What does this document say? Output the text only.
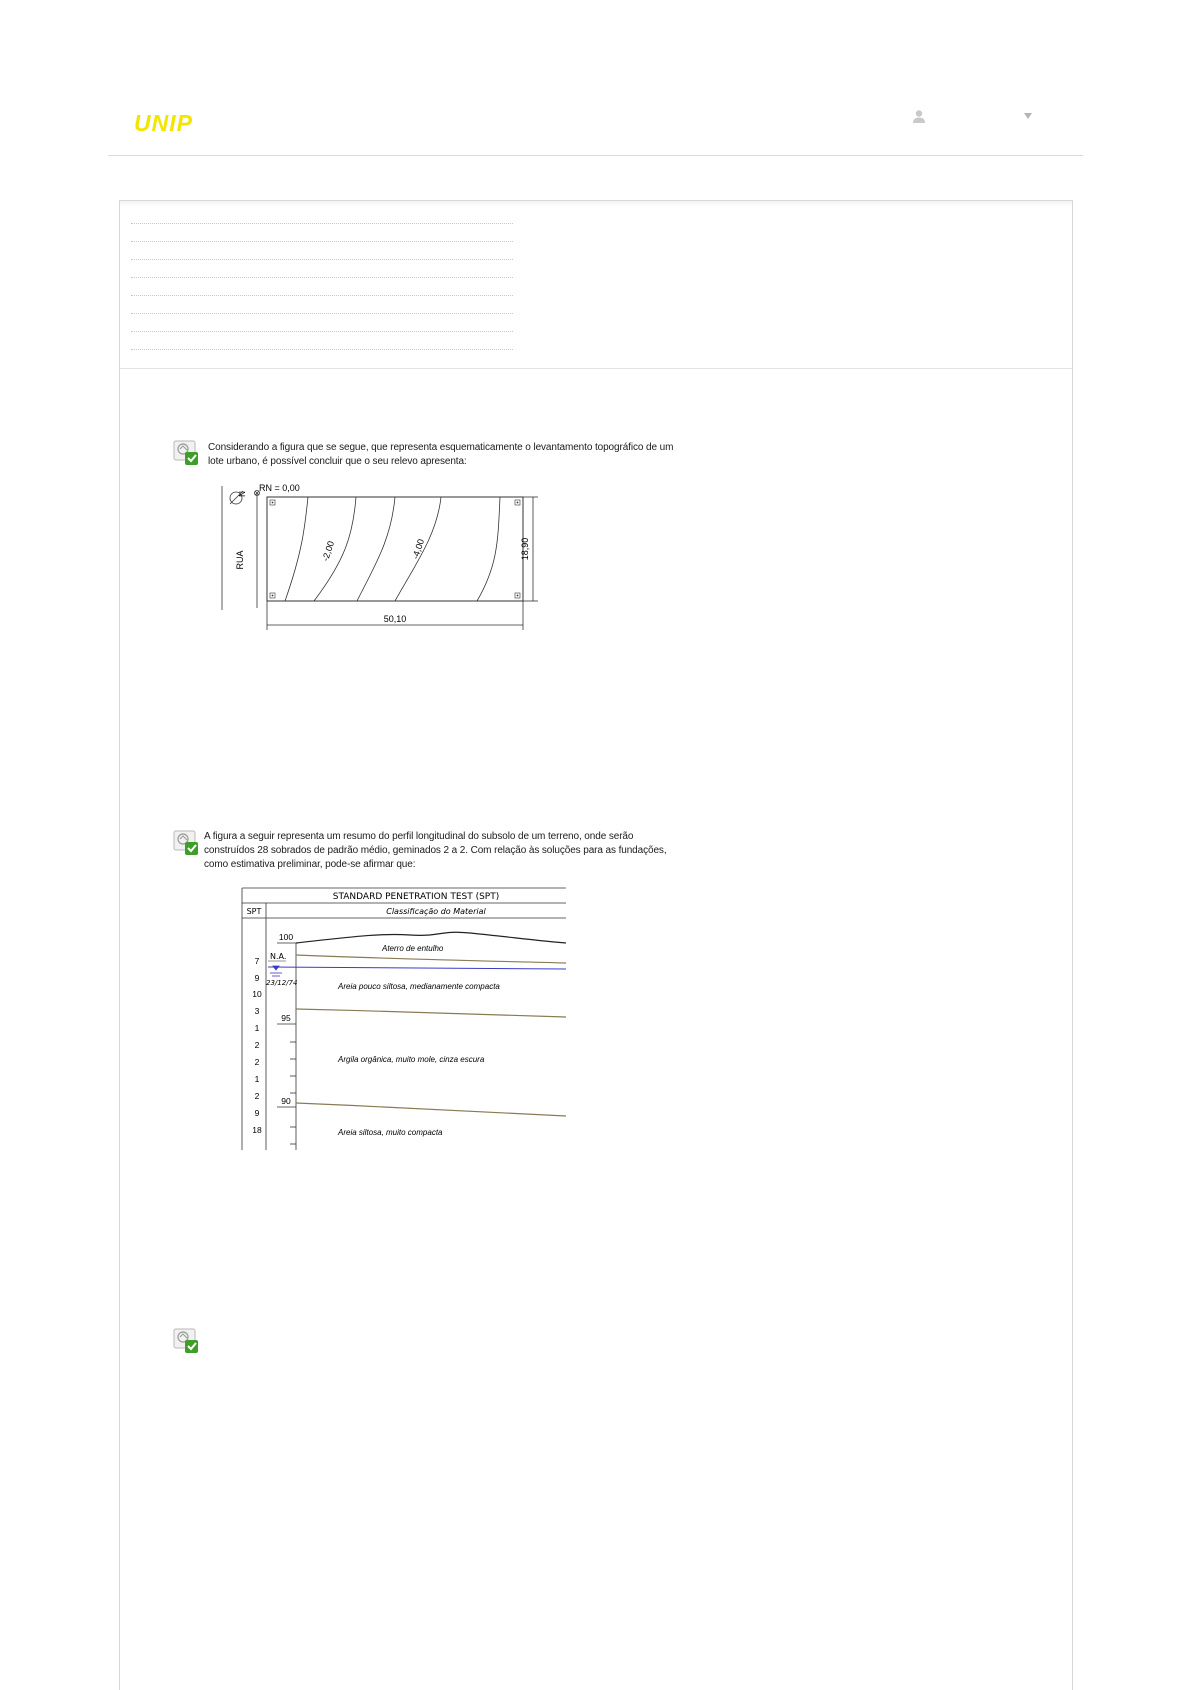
UNIP

Considerando a figura que se segue, que representa esquematicamente o levantamento topográfico de um
lote urbano, é possível concluir que o seu relevo apresenta:

RUA
N
RN = 0,00
-2,00	-4,00	18,90
50,10

A figura a seguir representa um resumo do perfil longitudinal do subsolo de um terreno, onde serão
construídos 28 sobrados de padrão médio, geminados 2 a 2. Com relação às soluções para as fundações,
como estimativa preliminar, pode-se afirmar que:

STANDARD PENETRATION TEST (SPT)
SPT	Classificação do Material
7
9
10
3
1
2
2
1
2
9
18
100
95
90
N.A.
23/12/74
Aterro de entulho
Areia pouco siltosa, medianamente compacta
Argila orgânica, muito mole, cinza escura
Areia siltosa, muito compacta
